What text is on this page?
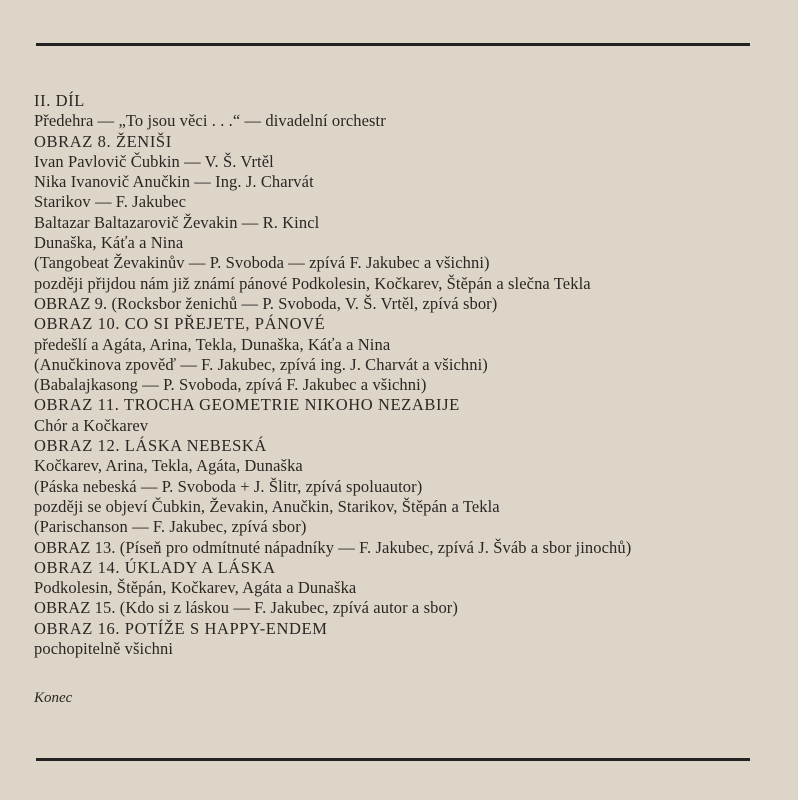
II. DÍL
Předehra — „To jsou věci . . .“ — divadelní orchestr
OBRAZ 8. ŽENIŠI
Ivan Pavlovič Čubkin — V. Š. Vrtěl
Nika Ivanovič Anučkin — Ing. J. Charvát
Starikov — F. Jakubec
Baltazar Baltazarovič Ževakin — R. Kincl
Dunaška, Káťa a Nina
(Tangobeat Ževakinův — P. Svoboda — zpívá F. Jakubec a všichni)
později přijdou nám již známí pánové Podkolesin, Kočkarev, Štěpán a slečna Tekla
OBRAZ 9. (Rocksbor ženichů — P. Svoboda, V. Š. Vrtěl, zpívá sbor)
OBRAZ 10. CO SI PŘEJETE, PÁNOVÉ
předešlí a Agáta, Arina, Tekla, Dunaška, Káťa a Nina
(Anučkinova zpověď — F. Jakubec, zpívá ing. J. Charvát a všichni)
(Babalajkasong — P. Svoboda, zpívá F. Jakubec a všichni)
OBRAZ 11. TROCHA GEOMETRIE NIKOHO NEZABIJE
Chór a Kočkarev
OBRAZ 12. LÁSKA NEBESKÁ
Kočkarev, Arina, Tekla, Agáta, Dunaška
(Páska nebeská — P. Svoboda + J. Šlitr, zpívá spoluautor)
později se objeví Čubkin, Ževakin, Anučkin, Starikov, Štěpán a Tekla
(Parischanson — F. Jakubec, zpívá sbor)
OBRAZ 13. (Píseň pro odmítnuté nápadníky — F. Jakubec, zpívá J. Šváb a sbor jinochů)
OBRAZ 14. ÚKLADY A LÁSKA
Podkolesin, Štěpán, Kočkarev, Agáta a Dunaška
OBRAZ 15. (Kdo si z láskou — F. Jakubec, zpívá autor a sbor)
OBRAZ 16. POTÍŽE S HAPPY-ENDEM
pochopitelně všichni
Konec
